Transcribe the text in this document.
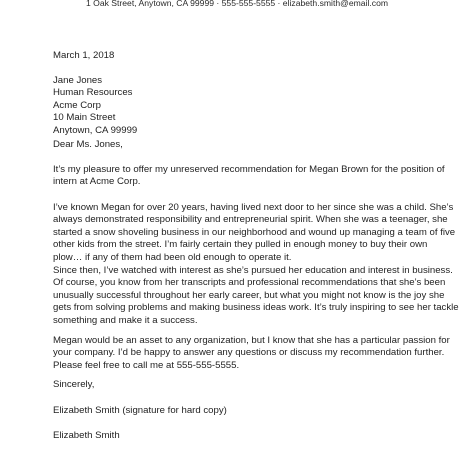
1 Oak Street, Anytown, CA 99999 · 555-555-5555 · elizabeth.smith@email.com
March 1, 2018
Jane Jones
Human Resources
Acme Corp
10 Main Street
Anytown, CA 99999
Dear Ms. Jones,
It’s my pleasure to offer my unreserved recommendation for Megan Brown for the position of
intern at Acme Corp.
I’ve known Megan for over 20 years, having lived next door to her since she was a child. She’s
always demonstrated responsibility and entrepreneurial spirit. When she was a teenager, she
started a snow shoveling business in our neighborhood and wound up managing a team of five
other kids from the street. I’m fairly certain they pulled in enough money to buy their own
plow… if any of them had been old enough to operate it.
Since then, I’ve watched with interest as she’s pursued her education and interest in business.
Of course, you know from her transcripts and professional recommendations that she’s been
unusually successful throughout her early career, but what you might not know is the joy she
gets from solving problems and making business ideas work. It’s truly inspiring to see her tackle
something and make it a success.
Megan would be an asset to any organization, but I know that she has a particular passion for
your company. I’d be happy to answer any questions or discuss my recommendation further.
Please feel free to call me at 555-555-5555.
Sincerely,
Elizabeth Smith (signature for hard copy)
Elizabeth Smith
